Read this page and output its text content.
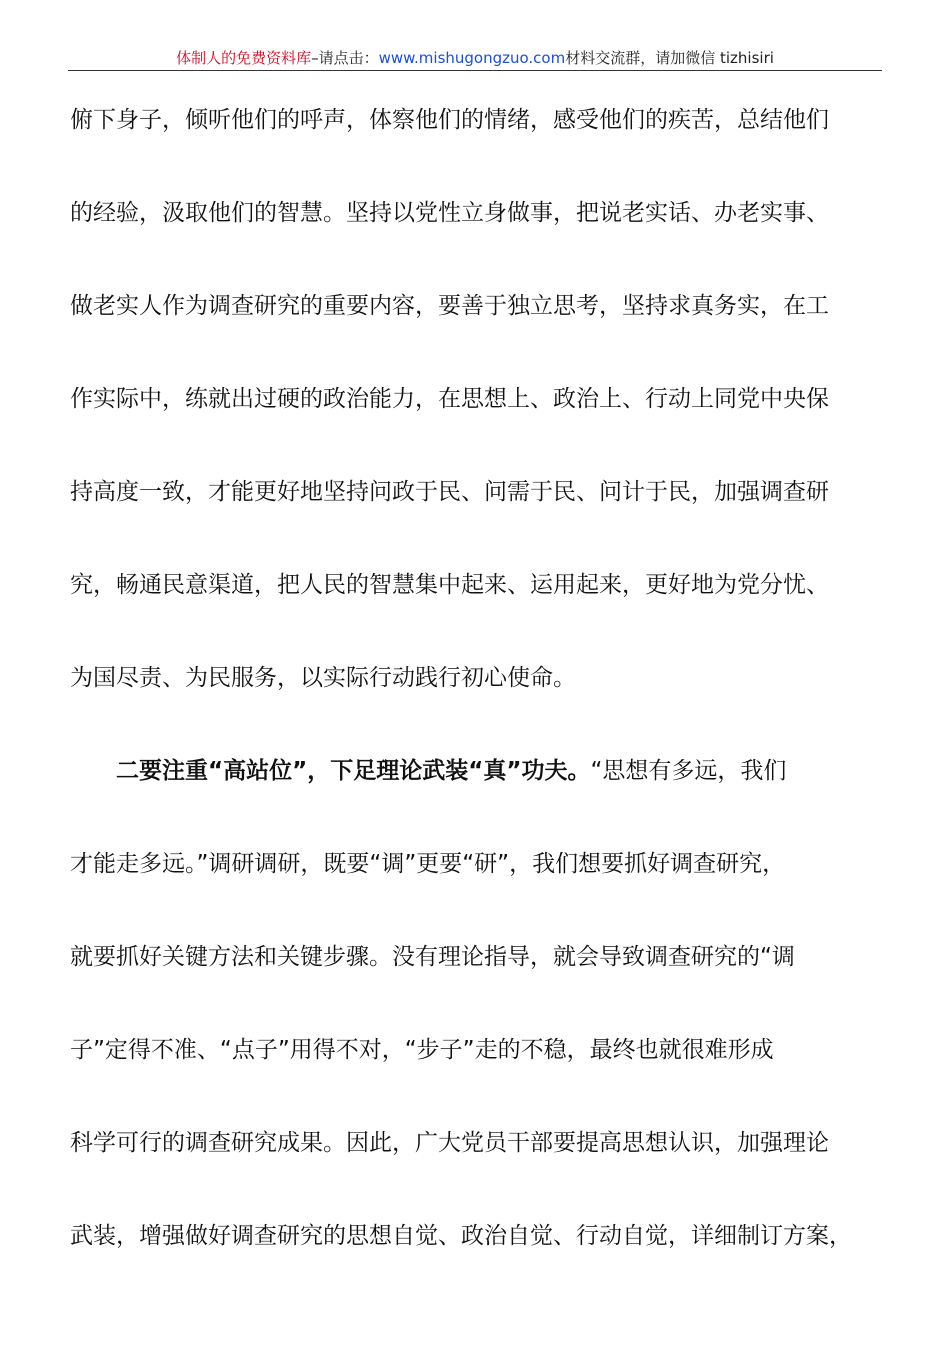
体制人的免费资料库–请点击：www.mishugongzuo.com材料交流群，请加微信 tizhisiri
俯下身子，倾听他们的呼声，体察他们的情绪，感受他们的疾苦，总结他们
的经验，汲取他们的智慧。坚持以党性立身做事，把说老实话、办老实事、
做老实人作为调查研究的重要内容，要善于独立思考，坚持求真务实，在工
作实际中，练就出过硬的政治能力，在思想上、政治上、行动上同党中央保
持高度一致，才能更好地坚持问政于民、问需于民、问计于民，加强调查研
究，畅通民意渠道，把人民的智慧集中起来、运用起来，更好地为党分忧、
为国尽责、为民服务，以实际行动践行初心使命。
二要注重“高站位”，下足理论武装“真”功夫。“思想有多远，我们
才能走多远。”调研调研，既要“调”更要“研”，我们想要抓好调查研究，
就要抓好关键方法和关键步骤。没有理论指导，就会导致调查研究的“调
子”定得不准、“点子”用得不对，“步子”走的不稳，最终也就很难形成
科学可行的调查研究成果。因此，广大党员干部要提高思想认识，加强理论
武装，增强做好调查研究的思想自觉、政治自觉、行动自觉，详细制订方案，
